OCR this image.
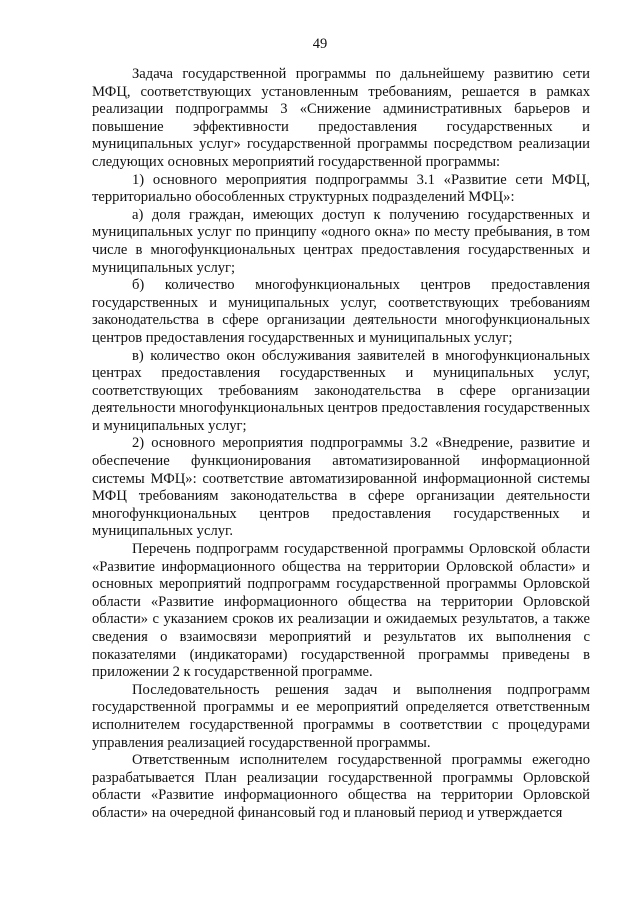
49

Задача государственной программы по дальнейшему развитию сети МФЦ, соответствующих установленным требованиям, решается в рамках реализации подпрограммы 3 «Снижение административных барьеров и повышение эффективности предоставления государственных и муниципальных услуг» государственной программы посредством реализации следующих основных мероприятий государственной программы:

1) основного мероприятия подпрограммы 3.1 «Развитие сети МФЦ, территориально обособленных структурных подразделений МФЦ»:

а) доля граждан, имеющих доступ к получению государственных и муниципальных услуг по принципу «одного окна» по месту пребывания, в том числе в многофункциональных центрах предоставления государственных и муниципальных услуг;

б) количество многофункциональных центров предоставления государственных и муниципальных услуг, соответствующих требованиям законодательства в сфере организации деятельности многофункциональных центров предоставления государственных и муниципальных услуг;

в) количество окон обслуживания заявителей в многофункциональных центрах предоставления государственных и муниципальных услуг, соответствующих требованиям законодательства в сфере организации деятельности многофункциональных центров предоставления государственных и муниципальных услуг;

2) основного мероприятия подпрограммы 3.2 «Внедрение, развитие и обеспечение функционирования автоматизированной информационной системы МФЦ»: соответствие автоматизированной информационной системы МФЦ требованиям законодательства в сфере организации деятельности многофункциональных центров предоставления государственных и муниципальных услуг.

Перечень подпрограмм государственной программы Орловской области «Развитие информационного общества на территории Орловской области» и основных мероприятий подпрограмм государственной программы Орловской области «Развитие информационного общества на территории Орловской области» с указанием сроков их реализации и ожидаемых результатов, а также сведения о взаимосвязи мероприятий и результатов их выполнения с показателями (индикаторами) государственной программы приведены в приложении 2 к государственной программе.

Последовательность решения задач и выполнения подпрограмм государственной программы и ее мероприятий определяется ответственным исполнителем государственной программы в соответствии с процедурами управления реализацией государственной программы.

Ответственным исполнителем государственной программы ежегодно разрабатывается План реализации государственной программы Орловской области «Развитие информационного общества на территории Орловской области» на очередной финансовый год и плановый период и утверждается
